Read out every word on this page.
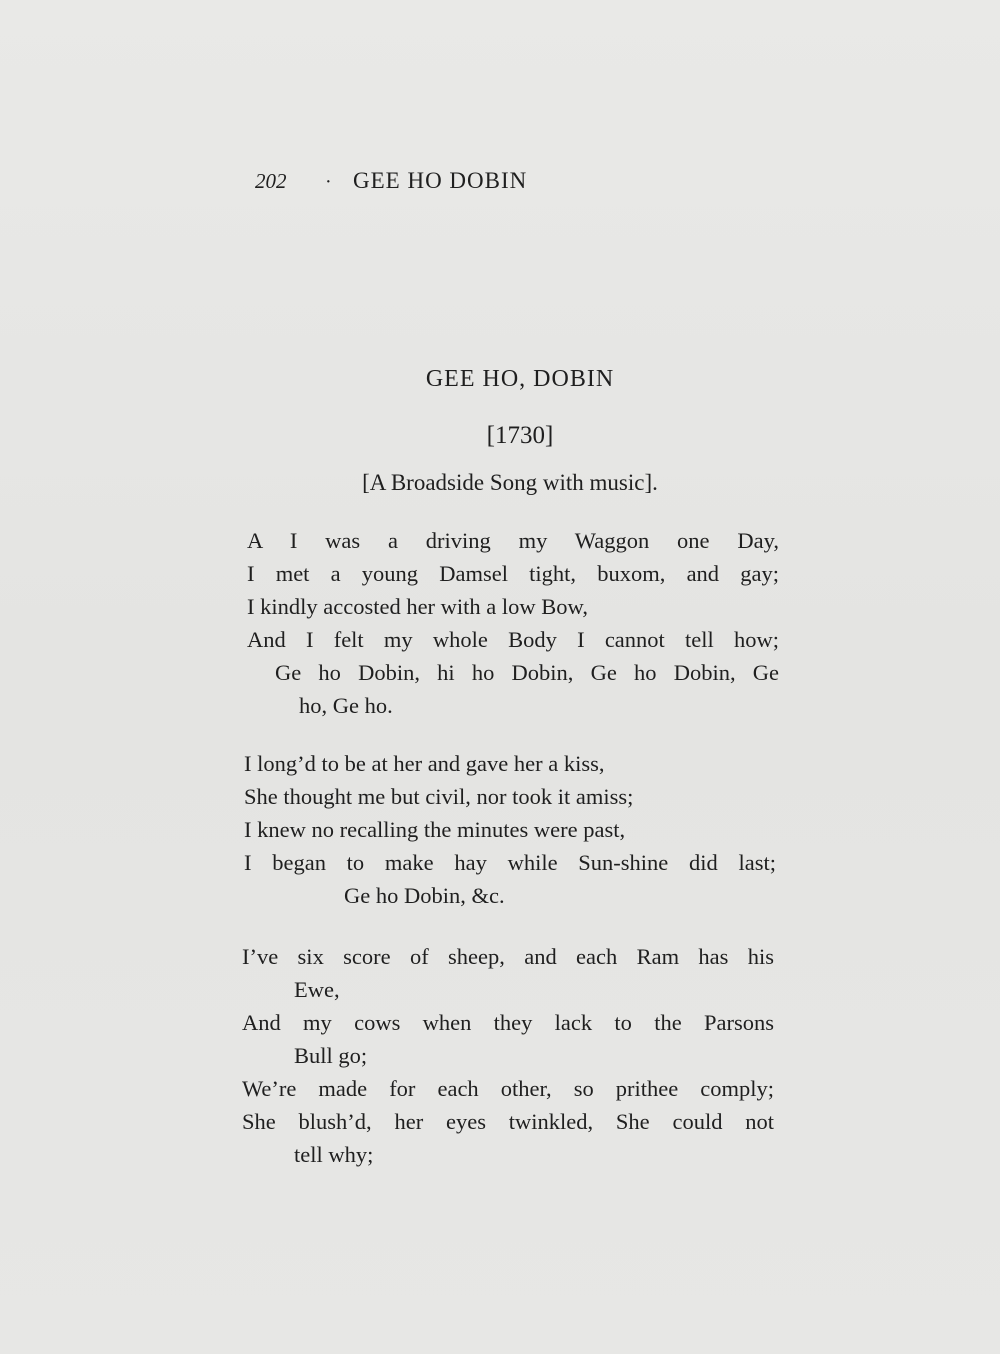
202	· GEE HO DOBIN
GEE HO, DOBIN
[1730]
[A Broadside Song with music].
A I was a driving my Waggon one Day,
I met a young Damsel tight, buxom, and gay;
I kindly accosted her with a low Bow,
And I felt my whole Body I cannot tell how;
Ge ho Dobin, hi ho Dobin, Ge ho Dobin, Ge
ho, Ge ho.
I long’d to be at her and gave her a kiss,
She thought me but civil, nor took it amiss;
I knew no recalling the minutes were past,
I began to make hay while Sun-shine did last;
Ge ho Dobin, &c.
I’ve six score of sheep, and each Ram has his
Ewe,
And my cows when they lack to the Parsons
Bull go;
We’re made for each other, so prithee comply;
She blush’d, her eyes twinkled, She could not
tell why;
